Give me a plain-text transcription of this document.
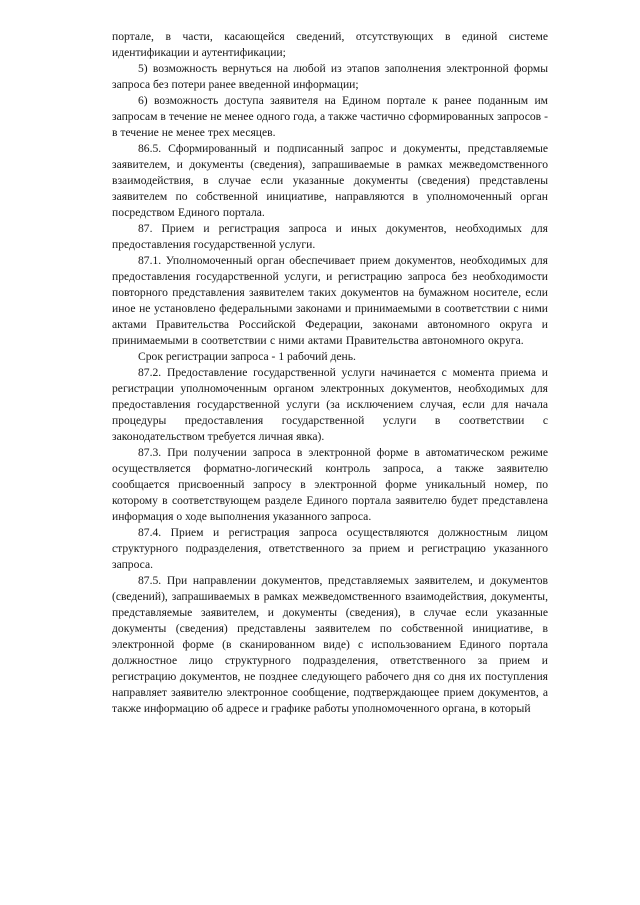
порталe, в части, касающейся сведений, отсутствующих в единой системе идентификации и аутентификации;

5) возможность вернуться на любой из этапов заполнения электронной формы запроса без потери ранее введенной информации;

6) возможность доступа заявителя на Едином портале к ранее поданным им запросам в течение не менее одного года, а также частично сформированных запросов - в течение не менее трех месяцев.

86.5. Сформированный и подписанный запрос и документы, представляемые заявителем, и документы (сведения), запрашиваемые в рамках межведомственного взаимодействия, в случае если указанные документы (сведения) представлены заявителем по собственной инициативе, направляются в уполномоченный орган посредством Единого портала.

87. Прием и регистрация запроса и иных документов, необходимых для предоставления государственной услуги.

87.1. Уполномоченный орган обеспечивает прием документов, необходимых для предоставления государственной услуги, и регистрацию запроса без необходимости повторного представления заявителем таких документов на бумажном носителе, если иное не установлено федеральными законами и принимаемыми в соответствии с ними актами Правительства Российской Федерации, законами автономного округа и принимаемыми в соответствии с ними актами Правительства автономного округа.

Срок регистрации запроса - 1 рабочий день.

87.2. Предоставление государственной услуги начинается с момента приема и регистрации уполномоченным органом электронных документов, необходимых для предоставления государственной услуги (за исключением случая, если для начала процедуры предоставления государственной услуги в соответствии с законодательством требуется личная явка).

87.3. При получении запроса в электронной форме в автоматическом режиме осуществляется форматно-логический контроль запроса, а также заявителю сообщается присвоенный запросу в электронной форме уникальный номер, по которому в соответствующем разделе Единого портала заявителю будет представлена информация о ходе выполнения указанного запроса.

87.4. Прием и регистрация запроса осуществляются должностным лицом структурного подразделения, ответственного за прием и регистрацию указанного запроса.

87.5. При направлении документов, представляемых заявителем, и документов (сведений), запрашиваемых в рамках межведомственного взаимодействия, документы, представляемые заявителем, и документы (сведения), в случае если указанные документы (сведения) представлены заявителем по собственной инициативе, в электронной форме (в сканированном виде) с использованием Единого портала должностное лицо структурного подразделения, ответственного за прием и регистрацию документов, не позднее следующего рабочего дня со дня их поступления направляет заявителю электронное сообщение, подтверждающее прием документов, а также информацию об адресе и графике работы уполномоченного органа, в который
